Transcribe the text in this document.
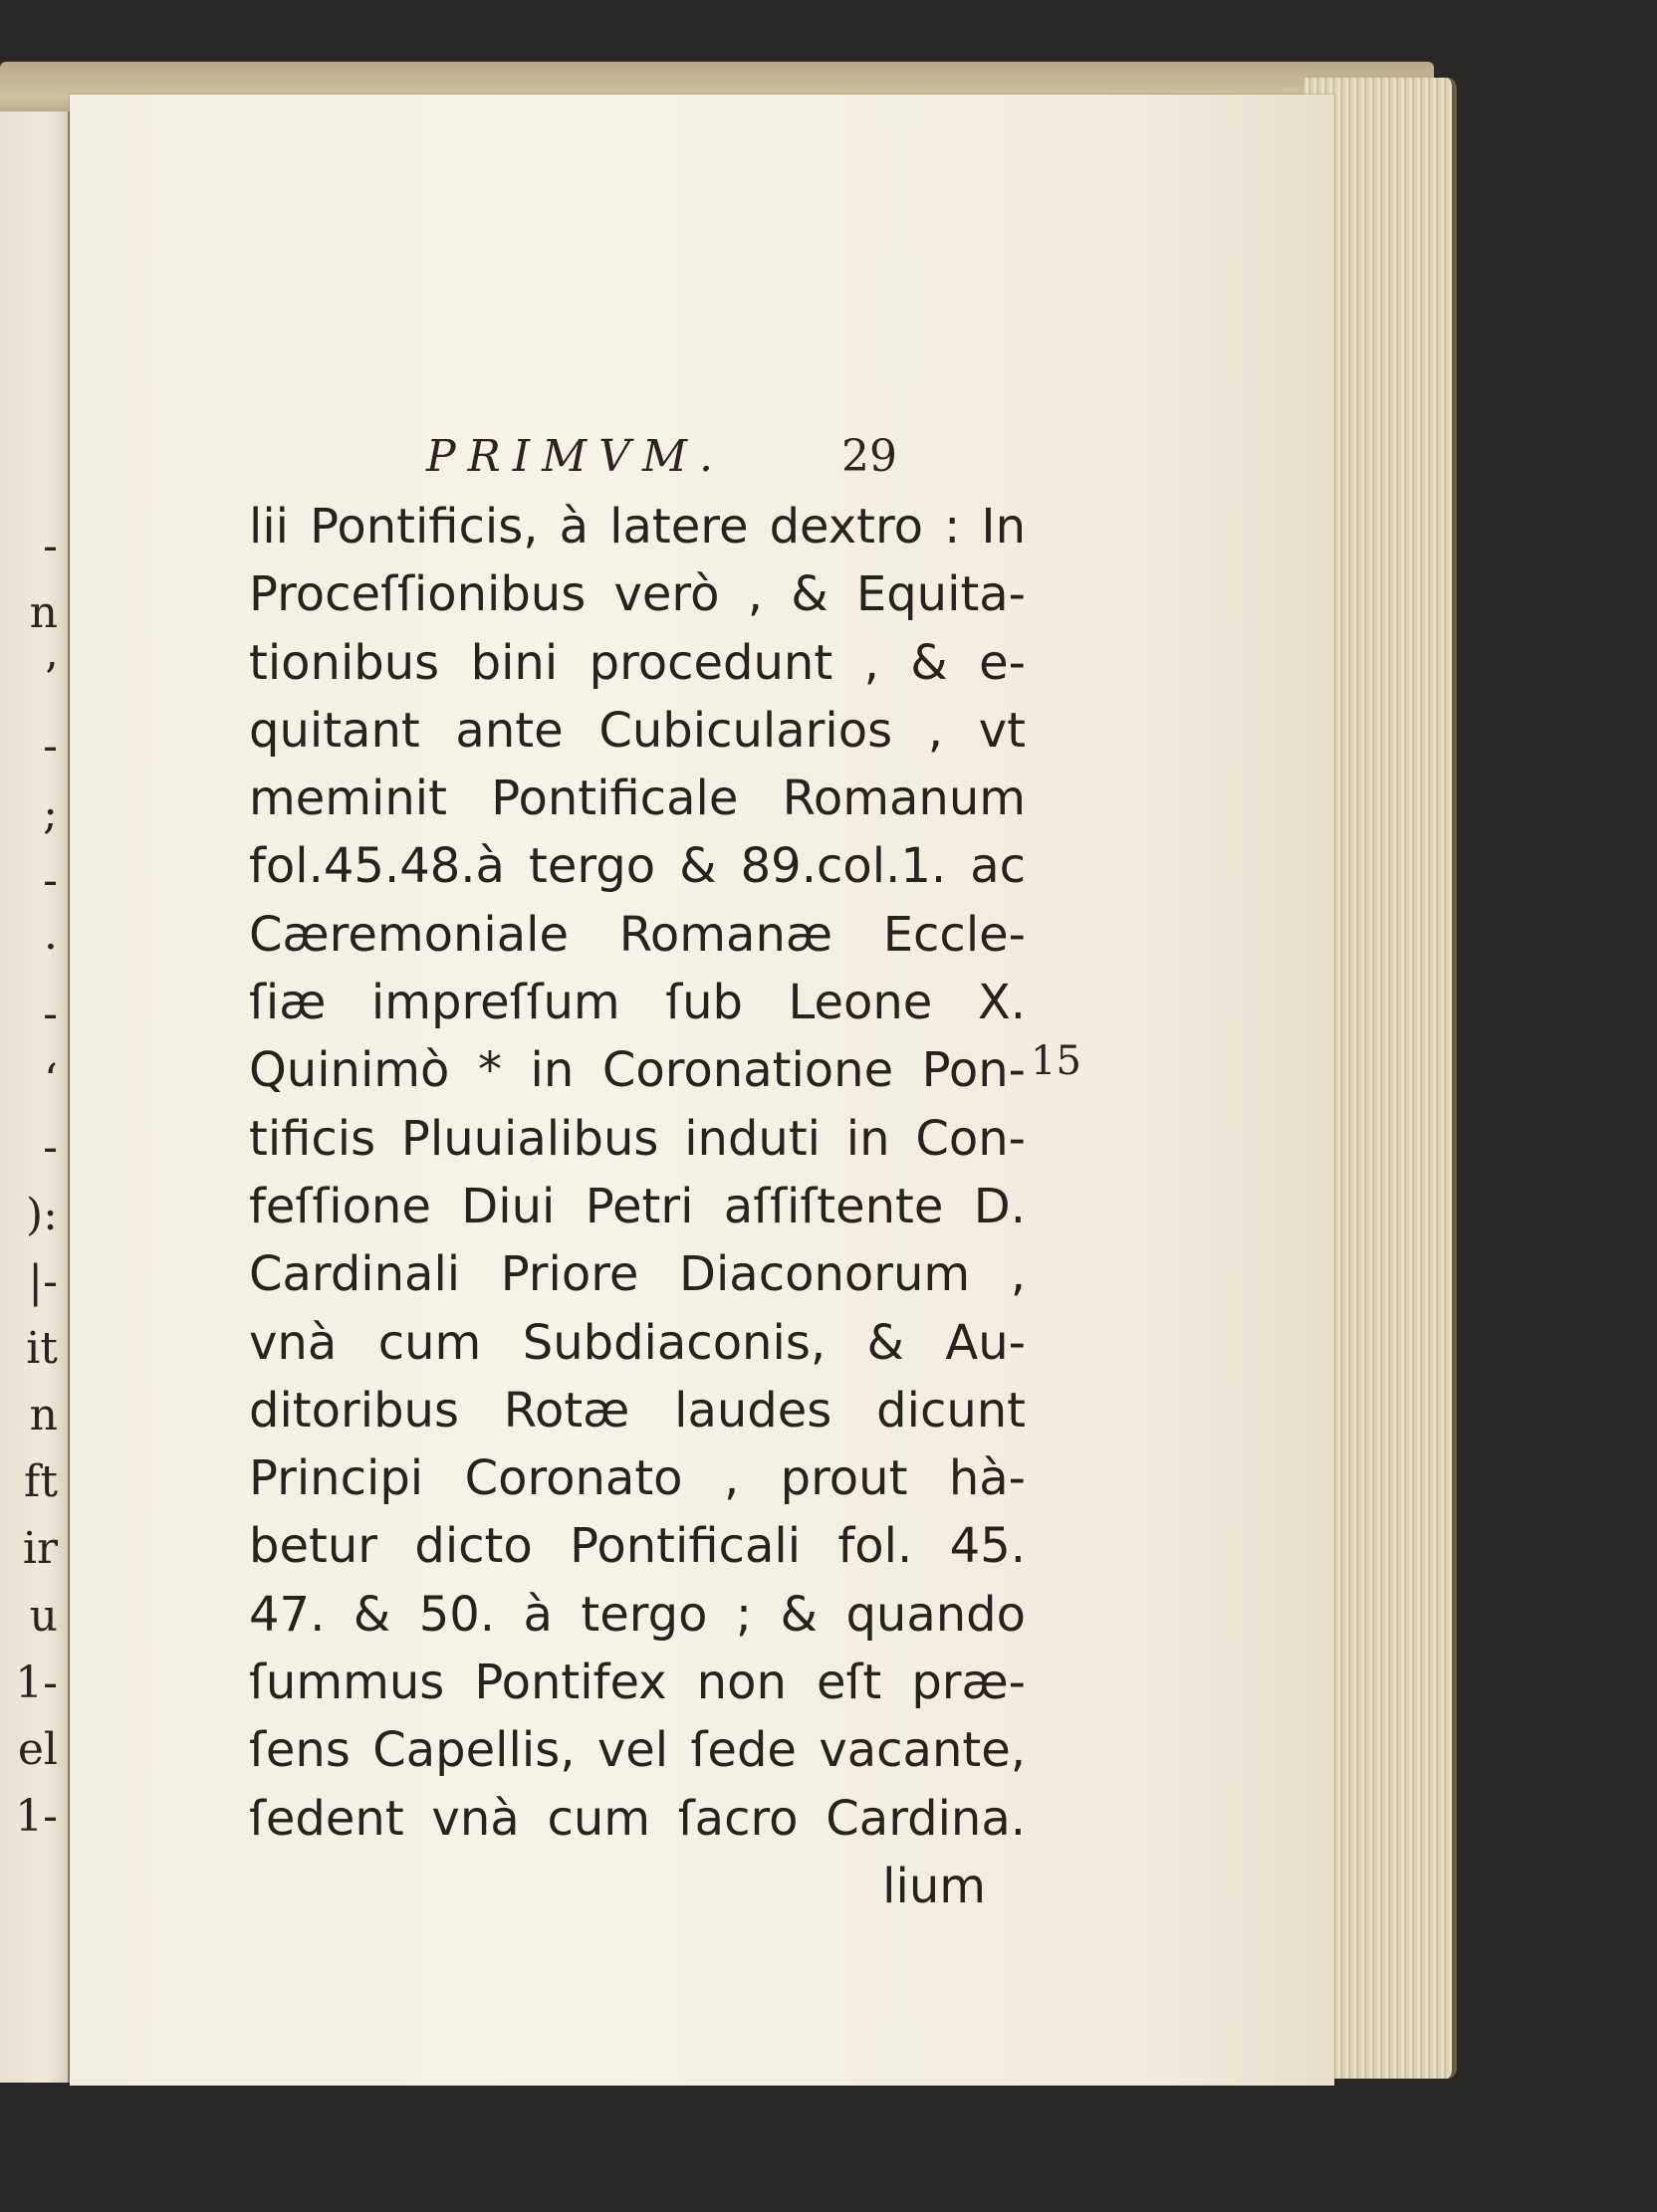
-
n
’
-
;
-
·
-
‘
-
):
|-
it
n
ft
ir
u
1-
el
1-
PRIMVM.	29
lii Pontificis, à latere dextro : In
Proceſſionibus verò , & Equita-
tionibus bini procedunt , & e-
quitant ante Cubicularios , vt
meminit Pontificale Romanum
fol.45.48.à tergo & 89.col.1. ac
Cæremoniale Romanæ Eccle-
ſiæ impreſſum ſub Leone X.
Quinimò * in Coronatione Pon-
tificis Pluuialibus induti in Con-
feſſione Diui Petri aſſiſtente D.
Cardinali Priore Diaconorum ,
vnà cum Subdiaconis, & Au-
ditoribus Rotæ laudes dicunt
Principi Coronato , prout hà-
betur dicto Pontificali fol. 45.
47. & 50. à tergo ; & quando
ſummus Pontifex non eſt præ-
ſens Capellis, vel ſede vacante,
ſedent vnà cum ſacro Cardina.
lium
15
